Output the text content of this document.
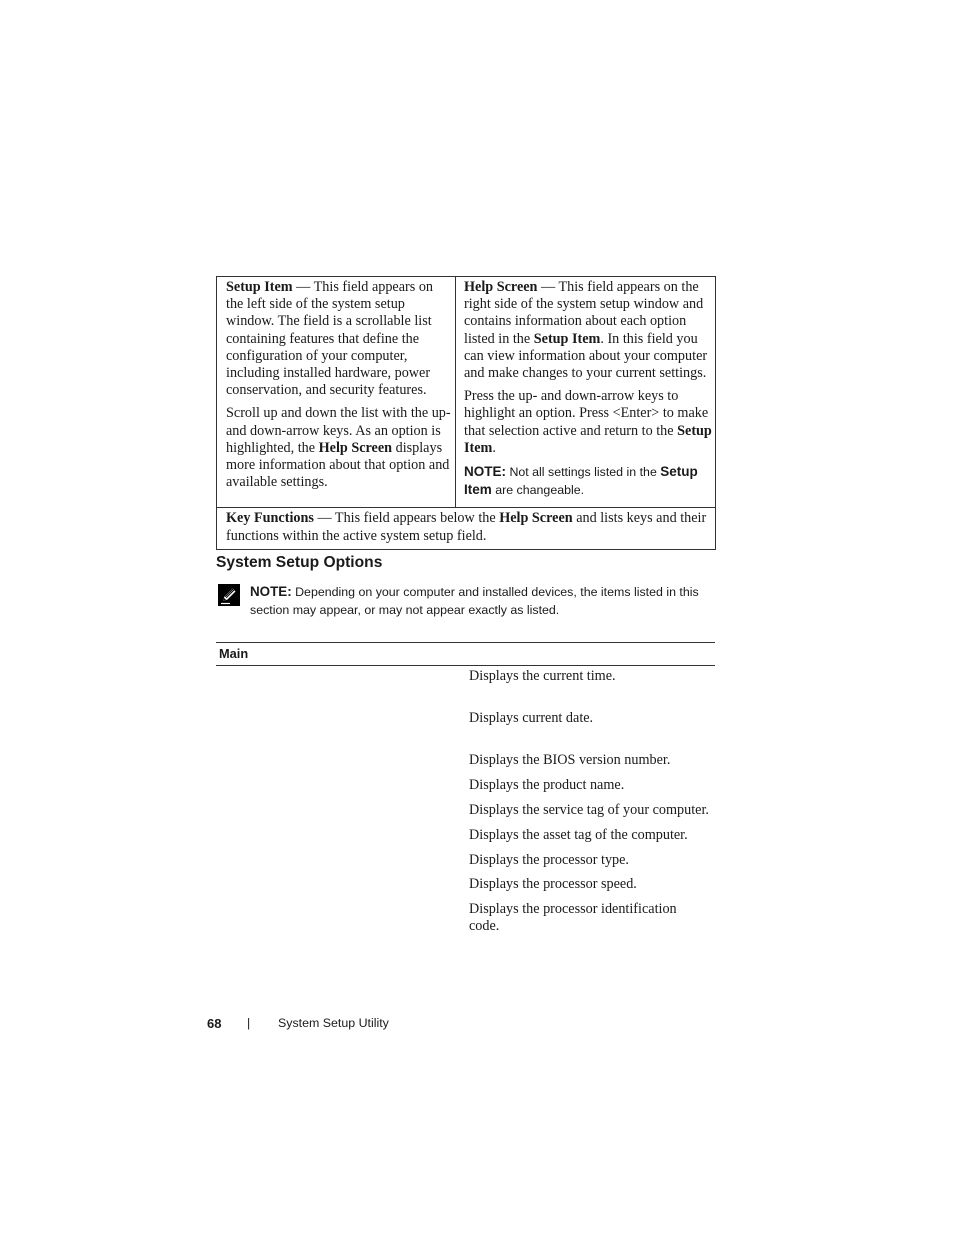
Setup Item — This field appears on the left side of the system setup window. The field is a scrollable list containing features that define the configuration of your computer, including installed hardware, power conservation, and security features.

Scroll up and down the list with the up- and down-arrow keys. As an option is highlighted, the Help Screen displays more information about that option and available settings.

Help Screen — This field appears on the right side of the system setup window and contains information about each option listed in the Setup Item. In this field you can view information about your computer and make changes to your current settings.

Press the up- and down-arrow keys to highlight an option. Press <Enter> to make that selection active and return to the Setup Item.

NOTE: Not all settings listed in the Setup Item are changeable.

Key Functions — This field appears below the Help Screen and lists keys and their functions within the active system setup field.
System Setup Options

NOTE: Depending on your computer and installed devices, the items listed in this section may appear, or may not appear exactly as listed.

Main
Displays the current time.
Displays current date.
Displays the BIOS version number.
Displays the product name.
Displays the service tag of your computer.
Displays the asset tag of the computer.
Displays the processor type.
Displays the processor speed.
Displays the processor identification code.
68 | System Setup Utility
